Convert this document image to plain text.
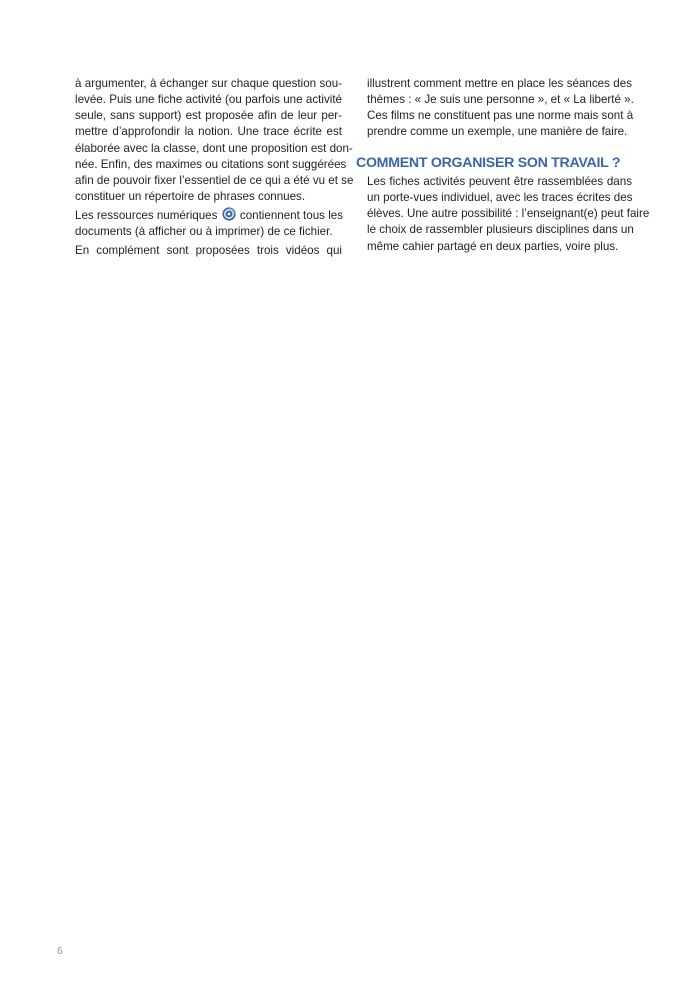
à argumenter, à échanger sur chaque question sou-
levée. Puis une fiche activité (ou parfois une activité
seule, sans support) est proposée afin de leur per-
mettre d’approfondir la notion. Une trace écrite est
élaborée avec la classe, dont une proposition est don-
née. Enfin, des maximes ou citations sont suggérées
afin de pouvoir fixer l’essentiel de ce qui a été vu et se
constituer un répertoire de phrases connues.
Les ressources numériques contiennent tous les
documents (à afficher ou à imprimer) de ce fichier.
En complément sont proposées trois vidéos qui
illustrent comment mettre en place les séances des
thèmes : « Je suis une personne », et « La liberté ».
Ces films ne constituent pas une norme mais sont à
prendre comme un exemple, une manière de faire.
COMMENT ORGANISER SON TRAVAIL ?
Les fiches activités peuvent être rassemblées dans
un porte-vues individuel, avec les traces écrites des
élèves. Une autre possibilité : l’enseignant(e) peut faire
le choix de rassembler plusieurs disciplines dans un
même cahier partagé en deux parties, voire plus.
6
